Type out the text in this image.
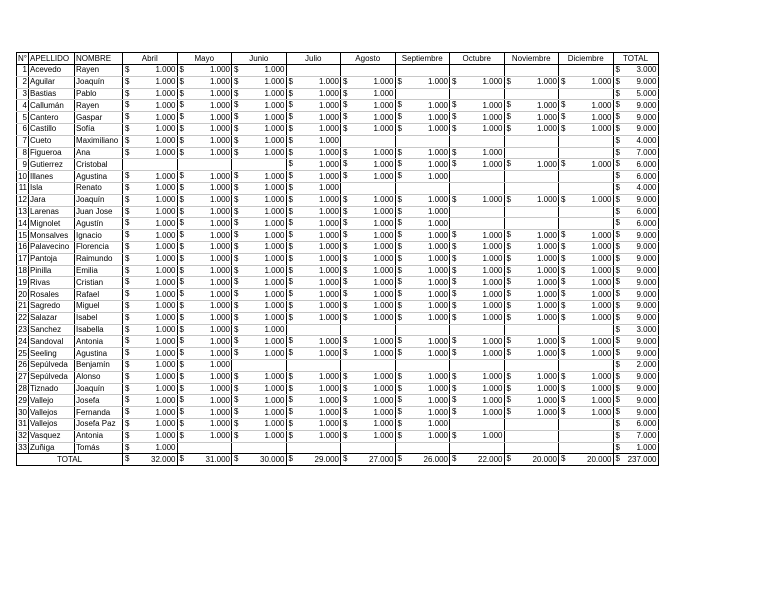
N°	APELLIDO	NOMBRE	Abril	Mayo	Junio	Julio	Agosto	Septiembre	Octubre	Noviembre	Diciembre	TOTAL
1	Acevedo	Rayen	$ 1.000	$ 1.000	$ 1.000							$ 3.000

2	Aguilar	Joaquín	$ 1.000	$ 1.000	$ 1.000	$ 1.000	$ 1.000	$ 1.000	$ 1.000	$ 1.000	$ 1.000	$ 9.000

3	Bastias	Pablo	$ 1.000	$ 1.000	$ 1.000	$ 1.000	$ 1.000					$ 5.000

4	Callumán	Rayen	$ 1.000	$ 1.000	$ 1.000	$ 1.000	$ 1.000	$ 1.000	$ 1.000	$ 1.000	$ 1.000	$ 9.000

5	Cantero	Gaspar	$ 1.000	$ 1.000	$ 1.000	$ 1.000	$ 1.000	$ 1.000	$ 1.000	$ 1.000	$ 1.000	$ 9.000

6	Castillo	Sofía	$ 1.000	$ 1.000	$ 1.000	$ 1.000	$ 1.000	$ 1.000	$ 1.000	$ 1.000	$ 1.000	$ 9.000

7	Cueto	Maximiliano	$ 1.000	$ 1.000	$ 1.000	$ 1.000						$ 4.000

8	Figueroa	Ana	$ 1.000	$ 1.000	$ 1.000	$ 1.000	$ 1.000	$ 1.000	$ 1.000			$ 7.000

9	Gutierrez	Cristobal				$ 1.000	$ 1.000	$ 1.000	$ 1.000	$ 1.000	$ 1.000	$ 6.000

10	Illanes	Agustina	$ 1.000	$ 1.000	$ 1.000	$ 1.000	$ 1.000	$ 1.000				$ 6.000

11	Isla	Renato	$ 1.000	$ 1.000	$ 1.000	$ 1.000						$ 4.000

12	Jara	Joaquín	$ 1.000	$ 1.000	$ 1.000	$ 1.000	$ 1.000	$ 1.000	$ 1.000	$ 1.000	$ 1.000	$ 9.000

13	Larenas	Juan Jose	$ 1.000	$ 1.000	$ 1.000	$ 1.000	$ 1.000	$ 1.000				$ 6.000

14	Mignolet	Agustín	$ 1.000	$ 1.000	$ 1.000	$ 1.000	$ 1.000	$ 1.000				$ 6.000

15	Monsalves	Ignacio	$ 1.000	$ 1.000	$ 1.000	$ 1.000	$ 1.000	$ 1.000	$ 1.000	$ 1.000	$ 1.000	$ 9.000

16	Palavecino	Florencia	$ 1.000	$ 1.000	$ 1.000	$ 1.000	$ 1.000	$ 1.000	$ 1.000	$ 1.000	$ 1.000	$ 9.000

17	Pantoja	Raimundo	$ 1.000	$ 1.000	$ 1.000	$ 1.000	$ 1.000	$ 1.000	$ 1.000	$ 1.000	$ 1.000	$ 9.000

18	Pinilla	Emilia	$ 1.000	$ 1.000	$ 1.000	$ 1.000	$ 1.000	$ 1.000	$ 1.000	$ 1.000	$ 1.000	$ 9.000

19	Rivas	Cristian	$ 1.000	$ 1.000	$ 1.000	$ 1.000	$ 1.000	$ 1.000	$ 1.000	$ 1.000	$ 1.000	$ 9.000

20	Rosales	Rafael	$ 1.000	$ 1.000	$ 1.000	$ 1.000	$ 1.000	$ 1.000	$ 1.000	$ 1.000	$ 1.000	$ 9.000

21	Sagredo	Miguel	$ 1.000	$ 1.000	$ 1.000	$ 1.000	$ 1.000	$ 1.000	$ 1.000	$ 1.000	$ 1.000	$ 9.000

22	Salazar	Isabel	$ 1.000	$ 1.000	$ 1.000	$ 1.000	$ 1.000	$ 1.000	$ 1.000	$ 1.000	$ 1.000	$ 9.000

23	Sanchez	Isabella	$ 1.000	$ 1.000	$ 1.000							$ 3.000

24	Sandoval	Antonia	$ 1.000	$ 1.000	$ 1.000	$ 1.000	$ 1.000	$ 1.000	$ 1.000	$ 1.000	$ 1.000	$ 9.000

25	Seeling	Agustina	$ 1.000	$ 1.000	$ 1.000	$ 1.000	$ 1.000	$ 1.000	$ 1.000	$ 1.000	$ 1.000	$ 9.000

26	Sepúlveda	Benjamín	$ 1.000	$ 1.000								$ 2.000

27	Sepúlveda	Alonso	$ 1.000	$ 1.000	$ 1.000	$ 1.000	$ 1.000	$ 1.000	$ 1.000	$ 1.000	$ 1.000	$ 9.000

28	Tiznado	Joaquín	$ 1.000	$ 1.000	$ 1.000	$ 1.000	$ 1.000	$ 1.000	$ 1.000	$ 1.000	$ 1.000	$ 9.000

29	Vallejo	Josefa	$ 1.000	$ 1.000	$ 1.000	$ 1.000	$ 1.000	$ 1.000	$ 1.000	$ 1.000	$ 1.000	$ 9.000

30	Vallejos	Fernanda	$ 1.000	$ 1.000	$ 1.000	$ 1.000	$ 1.000	$ 1.000	$ 1.000	$ 1.000	$ 1.000	$ 9.000

31	Vallejos	Josefa Paz	$ 1.000	$ 1.000	$ 1.000	$ 1.000	$ 1.000	$ 1.000				$ 6.000

32	Vasquez	Antonia	$ 1.000	$ 1.000	$ 1.000	$ 1.000	$ 1.000	$ 1.000	$ 1.000			$ 7.000

33	Zuñiga	Tomás	$ 1.000									$ 1.000

TOTAL			$ 32.000	$ 31.000	$ 30.000	$ 29.000	$ 27.000	$ 26.000	$ 22.000	$ 20.000	$ 20.000	$ 237.000
